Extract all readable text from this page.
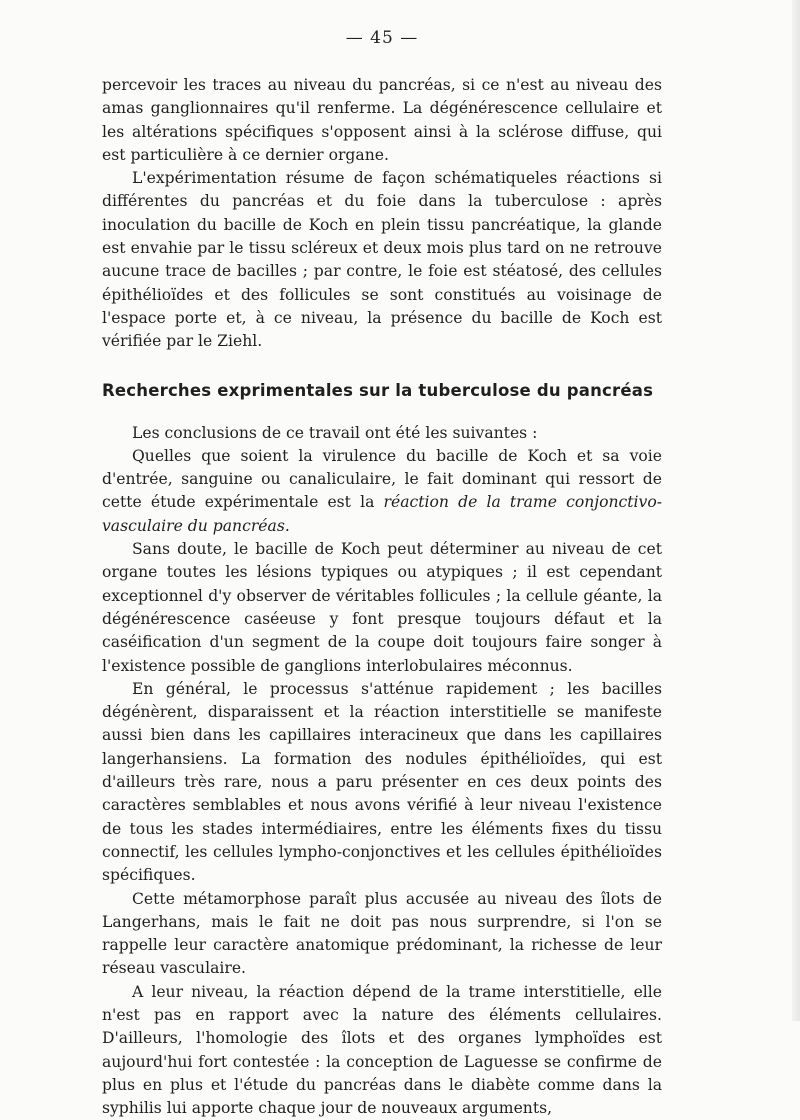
— 45 —

percevoir les traces au niveau du pancréas, si ce n'est au niveau des amas ganglionnaires qu'il renferme. La dégénérescence cellulaire et les altérations spécifiques s'opposent ainsi à la sclérose diffuse, qui est particulière à ce dernier organe.

L'expérimentation résume de façon schématiqueles réactions si différentes du pancréas et du foie dans la tuberculose : après inoculation du bacille de Koch en plein tissu pancréatique, la glande est envahie par le tissu scléreux et deux mois plus tard on ne retrouve aucune trace de bacilles ; par contre, le foie est stéatosé, des cellules épithélioïdes et des follicules se sont constitués au voisinage de l'espace porte et, à ce niveau, la présence du bacille de Koch est vérifiée par le Ziehl.

Recherches exprimentales sur la tuberculose du pancréas

Les conclusions de ce travail ont été les suivantes :

Quelles que soient la virulence du bacille de Koch et sa voie d'entrée, sanguine ou canaliculaire, le fait dominant qui ressort de cette étude expérimentale est la réaction de la trame conjonctivo-vasculaire du pancréas.

Sans doute, le bacille de Koch peut déterminer au niveau de cet organe toutes les lésions typiques ou atypiques ; il est cependant exceptionnel d'y observer de véritables follicules ; la cellule géante, la dégénérescence caséeuse y font presque toujours défaut et la caséification d'un segment de la coupe doit toujours faire songer à l'existence possible de ganglions interlobulaires méconnus.

En général, le processus s'atténue rapidement ; les bacilles dégénèrent, disparaissent et la réaction interstitielle se manifeste aussi bien dans les capillaires interacineux que dans les capillaires langerhansiens. La formation des nodules épithélioïdes, qui est d'ailleurs très rare, nous a paru présenter en ces deux points des caractères semblables et nous avons vérifié à leur niveau l'existence de tous les stades intermédiaires, entre les éléments fixes du tissu connectif, les cellules lympho-conjonctives et les cellules épithélioïdes spécifiques.

Cette métamorphose paraît plus accusée au niveau des îlots de Langerhans, mais le fait ne doit pas nous surprendre, si l'on se rappelle leur caractère anatomique prédominant, la richesse de leur réseau vasculaire.

A leur niveau, la réaction dépend de la trame interstitielle, elle n'est pas en rapport avec la nature des éléments cellulaires. D'ailleurs, l'homologie des îlots et des organes lymphoïdes est aujourd'hui fort contestée : la conception de Laguesse se confirme de plus en plus et l'étude du pancréas dans le diabète comme dans la syphilis lui apporte chaque jour de nouveaux arguments,
